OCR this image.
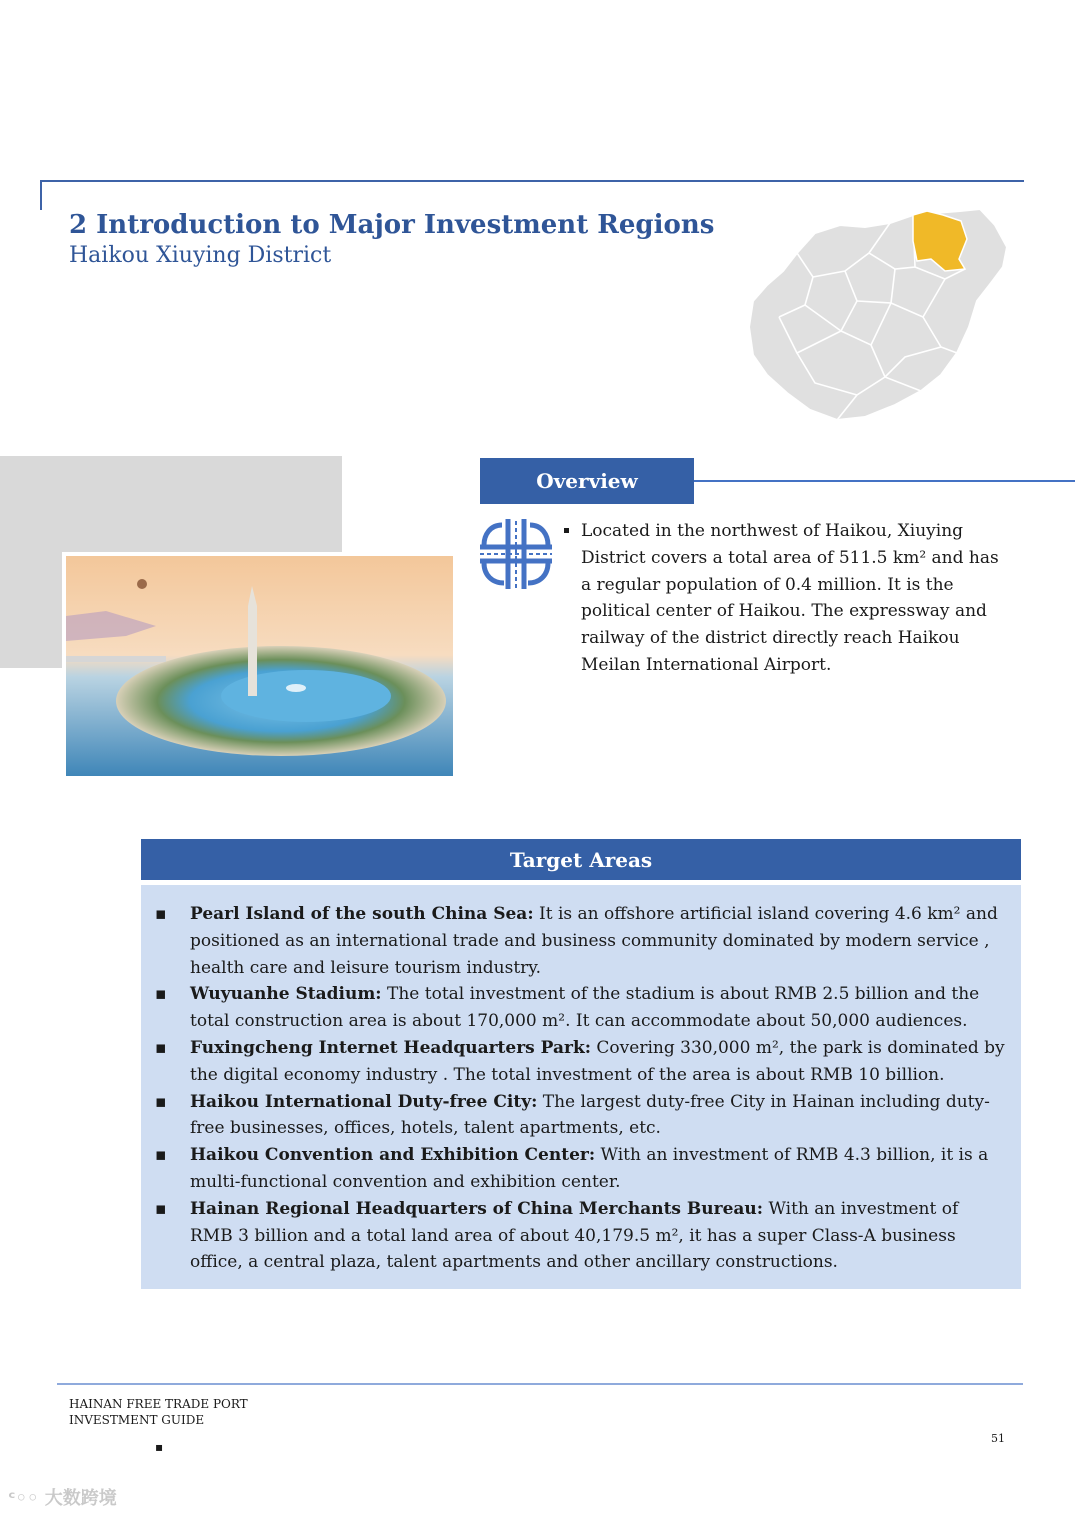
2 Introduction to Major Investment Regions
Haikou Xiuying District
Overview
▪ Located in the northwest of Haikou, Xiuying District covers a total area of 511.5 km² and has a regular population of 0.4 million. It is the political center of Haikou. The expressway and railway of the district directly reach Haikou Meilan International Airport.
Target Areas
▪ Pearl Island of the south China Sea: It is an offshore artificial island covering 4.6 km² and positioned as an international trade and business community dominated by modern service , health care and leisure tourism industry.
▪ Wuyuanhe Stadium: The total investment of the stadium is about RMB 2.5 billion and the total construction area is about 170,000 m². It can accommodate about 50,000 audiences.
▪ Fuxingcheng Internet Headquarters Park: Covering 330,000 m², the park is dominated by the digital economy industry . The total investment of the area is about RMB 10 billion.
▪ Haikou International Duty-free City: The largest duty-free City in Hainan including duty-free businesses, offices, hotels, talent apartments, etc.
▪ Haikou Convention and Exhibition Center: With an investment of RMB 4.3 billion, it is a multi-functional convention and exhibition center.
▪ Hainan Regional Headquarters of China Merchants Bureau: With an investment of RMB 3 billion and a total land area of about 40,179.5 m², it has a super Class-A business office, a central plaza, talent apartments and other ancillary constructions.
HAINAN FREE TRADE PORT
INVESTMENT GUIDE
▪
51
ᶜ◦◦ 大数跨境
